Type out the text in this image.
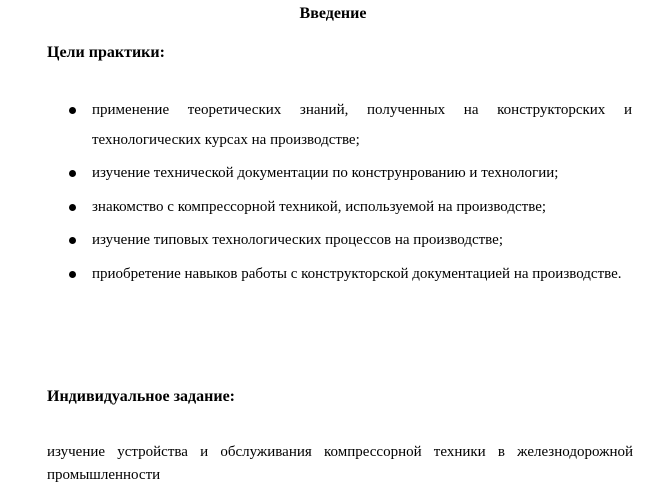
Введение
Цели практики:
применение теоретических знаний, полученных на конструкторских и технологических курсах на производстве;
изучение технической документации по конструнрованию и технологии;
знакомство с компрессорной техникой, используемой на производстве;
изучение типовых технологических процессов на производстве;
приобретение навыков работы с конструкторской документацией на производстве.
Индивидуальное задание:
изучение устройства и обслуживания компрессорной техники в железнодорожной промышленности
